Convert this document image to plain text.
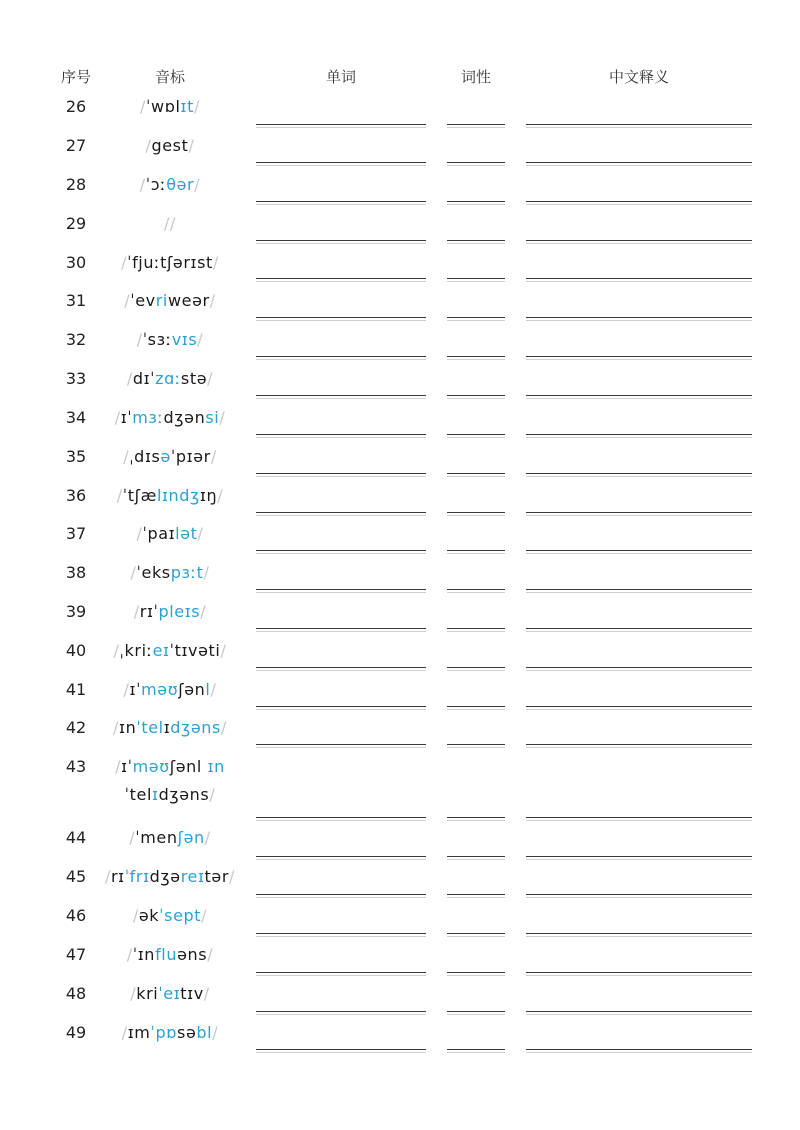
序号	音标	单词	词性	中文释义
26	/ˈwɒlɪt/
27	/gest/
28	/ˈɔːθər/
29	//
30	/ˈfjuːtʃərɪst/
31	/ˈevriweər/
32	/ˈsɜːvɪs/
33	/dɪˈzɑːstə/
34	/ɪˈmɜːdʒənsi/
35	/ˌdɪsəˈpɪər/
36	/ˈtʃælɪndʒɪŋ/
37	/ˈpaɪlət/
38	/ˈekspɜːt/
39	/rɪˈpleɪs/
40	/ˌkriːeɪˈtɪvəti/
41	/ɪˈməʊʃənl/
42	/ɪnˈtelɪdʒəns/
43	/ɪˈməʊʃənl ɪn
ˈtelɪdʒəns/
44	/ˈmenʃən/
45	/rɪˈfrɪdʒəreɪtər/
46	/əkˈsept/
47	/ˈɪnfluəns/
48	/kriˈeɪtɪv/
49	/ɪmˈpɒsəbl/
